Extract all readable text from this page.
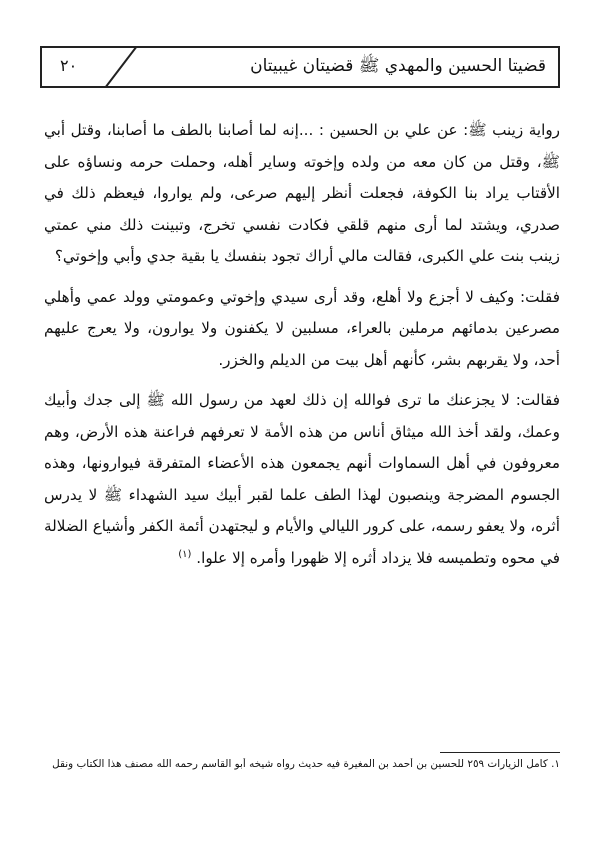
قضيتا الحسين والمهدي ﷺ قضيتان غيبيتان
٢٠

رواية زينب ﷺ: عن علي بن الحسين : ...إنه لما أصابنا بالطف ما أصابنا، وقتل أبي ﷺ، وقتل من كان معه من ولده وإخوته وساير أهله، وحملت حرمه ونساؤه على الأقتاب يراد بنا الكوفة، فجعلت أنظر إليهم صرعى، ولم يواروا، فيعظم ذلك في صدري، ويشتد لما أرى منهم قلقي فكادت نفسي تخرج، وتبينت ذلك مني عمتي زينب بنت علي الكبرى، فقالت مالي أراك تجود بنفسك يا بقية جدي وأبي وإخوتي؟

فقلت: وكيف لا أجزع ولا أهلع، وقد أرى سيدي وإخوتي وعمومتي وولد عمي وأهلي مصرعين بدمائهم مرملين بالعراء، مسلبين لا يكفنون ولا يوارون، ولا يعرج عليهم أحد، ولا يقربهم بشر، كأنهم أهل بيت من الديلم والخزر.

فقالت: لا يجزعنك ما ترى فوالله إن ذلك لعهد من رسول الله ﷺ إلى جدك وأبيك وعمك، ولقد أخذ الله ميثاق أناس من هذه الأمة لا تعرفهم فراعنة هذه الأرض، وهم معروفون في أهل السماوات أنهم يجمعون هذه الأعضاء المتفرقة فيوارونها، وهذه الجسوم المضرجة وينصبون لهذا الطف علما لقبر أبيك سيد الشهداء ﷺ لا يدرس أثره، ولا يعفو رسمه، على كرور الليالي والأيام و ليجتهدن أئمة الكفر وأشياع الضلالة في محوه وتطميسه فلا يزداد أثره إلا ظهورا وأمره إلا علوا. $^{(١)}$

١. كامل الزيارات ٢٥٩ للحسين بن أحمد بن المغيرة فيه حديث رواه شيخه أبو القاسم رحمه الله مصنف هذا الكتاب ونقل
